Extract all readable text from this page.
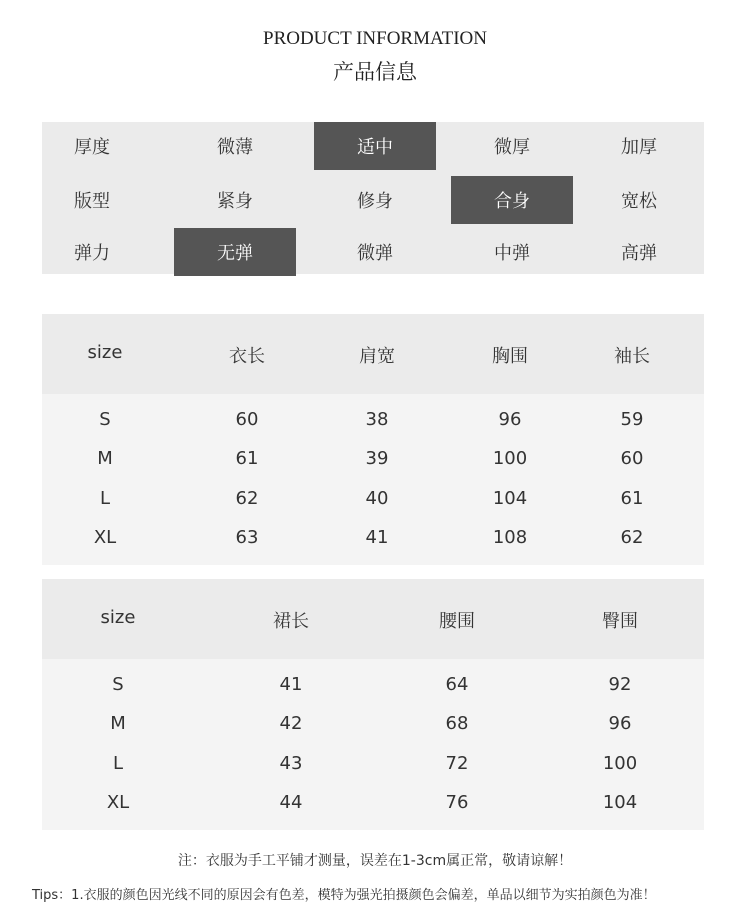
PRODUCT INFORMATION
产品信息
厚度	微薄	适中	微厚	加厚
版型	紧身	修身	合身	宽松
弹力	无弹	微弹	中弹	高弹
size	衣长	肩宽	胸围	袖长
S	60	38	96	59
M	61	39	100	60
L	62	40	104	61
XL	63	41	108	62
size	裙长	腰围	臀围
S	41	64	92
M	42	68	96
L	43	72	100
XL	44	76	104
注：衣服为手工平铺才测量，误差在1-3cm属正常，敬请谅解！
Tips：1.衣服的颜色因光线不同的原因会有色差，模特为强光拍摄颜色会偏差，单品以细节为实拍颜色为准！
